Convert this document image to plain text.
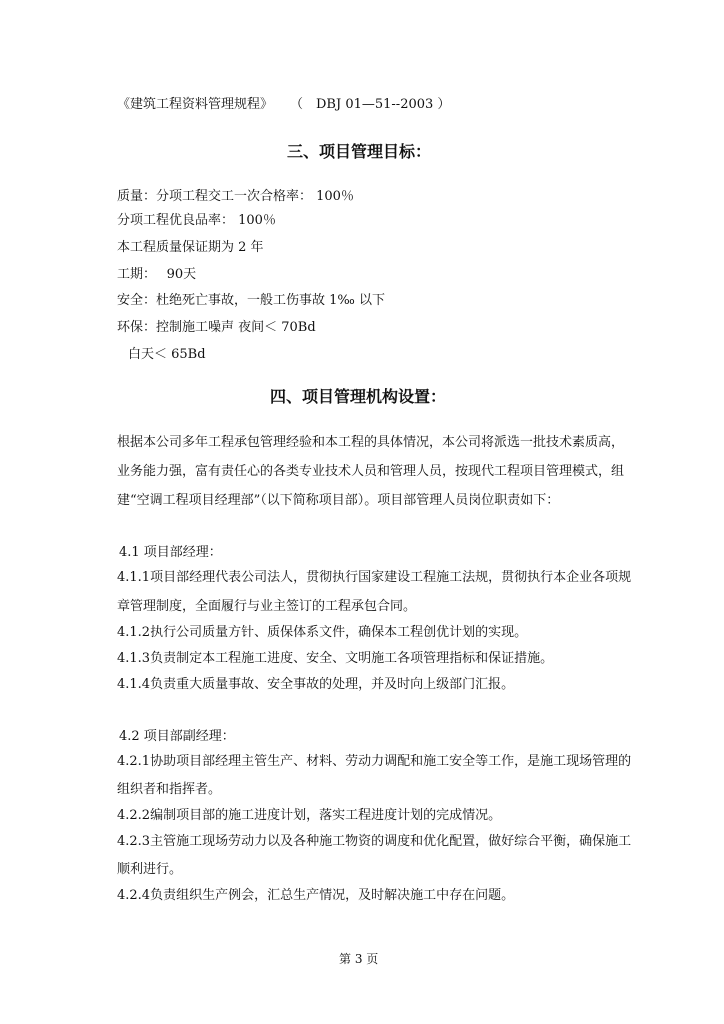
《建筑工程资料管理规程》 （　DBJ 01—51--2003 ）
三、项目管理目标：
质量：分项工程交工一次合格率： 100％
分项工程优良品率： 100％
本工程质量保证期为 2 年
工期：　 90天
安全：杜绝死亡事故，一般工伤事故 1‰ 以下
环保：控制施工噪声 夜间＜ 70Bd
白天＜ 65Bd
四、项目管理机构设置：
根据本公司多年工程承包管理经验和本工程的具体情况，本公司将派选一批技术素质高，
业务能力强，富有责任心的各类专业技术人员和管理人员，按现代工程项目管理模式，组
建“空调工程项目经理部”（以下简称项目部）。项目部管理人员岗位职责如下：
4.1 项目部经理：
4.1.1项目部经理代表公司法人，贯彻执行国家建设工程施工法规，贯彻执行本企业各项规
章管理制度，全面履行与业主签订的工程承包合同。
4.1.2执行公司质量方针、质保体系文件，确保本工程创优计划的实现。
4.1.3负责制定本工程施工进度、安全、文明施工各项管理指标和保证措施。
4.1.4负责重大质量事故、安全事故的处理，并及时向上级部门汇报。
4.2 项目部副经理：
4.2.1协助项目部经理主管生产、材料、劳动力调配和施工安全等工作，是施工现场管理的
组织者和指挥者。
4.2.2编制项目部的施工进度计划，落实工程进度计划的完成情况。
4.2.3主管施工现场劳动力以及各种施工物资的调度和优化配置，做好综合平衡，确保施工
顺利进行。
4.2.4负责组织生产例会，汇总生产情况，及时解决施工中存在问题。
第 3 页
